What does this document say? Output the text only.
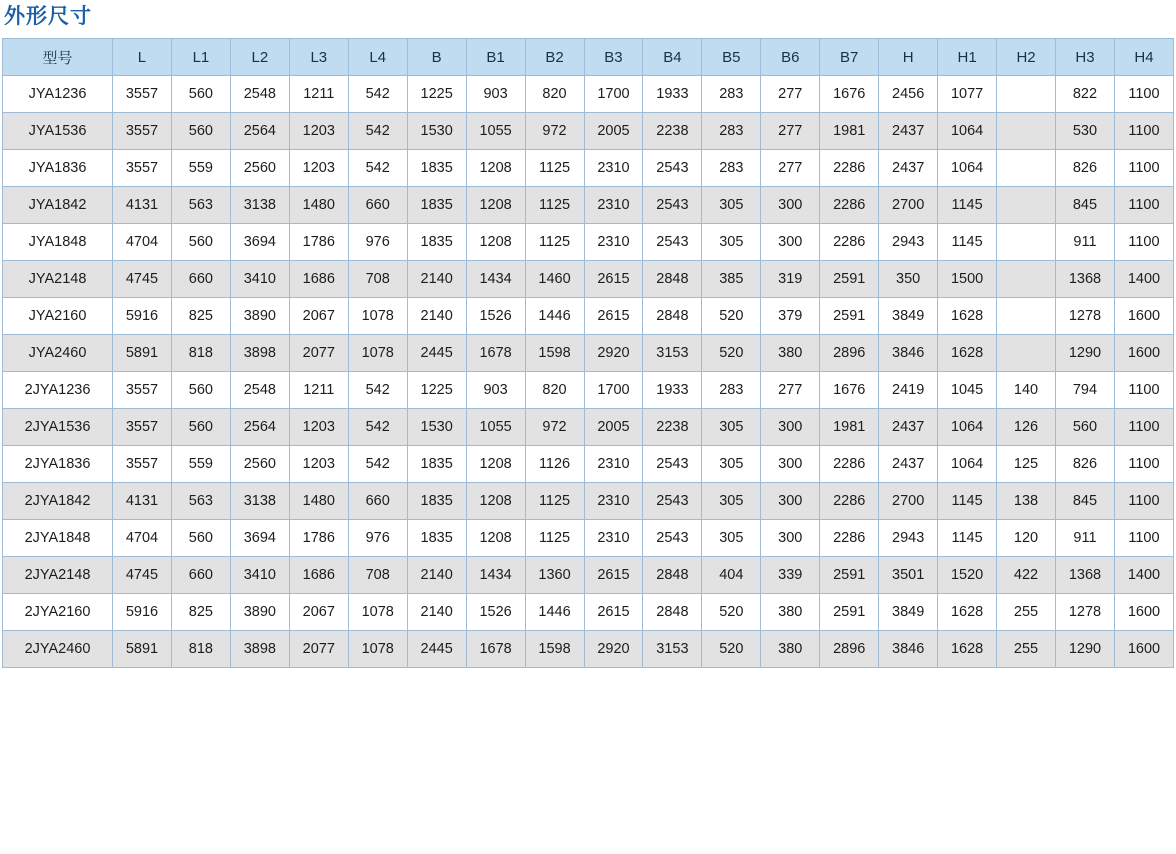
外形尺寸
型号	L	L1	L2	L3	L4	B	B1	B2	B3	B4	B5	B6	B7	H	H1	H2	H3	H4
JYA1236	3557	560	2548	1211	542	1225	903	820	1700	1933	283	277	1676	2456	1077		822	1100
JYA1536	3557	560	2564	1203	542	1530	1055	972	2005	2238	283	277	1981	2437	1064		530	1100
JYA1836	3557	559	2560	1203	542	1835	1208	1125	2310	2543	283	277	2286	2437	1064		826	1100
JYA1842	4131	563	3138	1480	660	1835	1208	1125	2310	2543	305	300	2286	2700	1145		845	1100
JYA1848	4704	560	3694	1786	976	1835	1208	1125	2310	2543	305	300	2286	2943	1145		911	1100
JYA2148	4745	660	3410	1686	708	2140	1434	1460	2615	2848	385	319	2591	350	1500		1368	1400
JYA2160	5916	825	3890	2067	1078	2140	1526	1446	2615	2848	520	379	2591	3849	1628		1278	1600
JYA2460	5891	818	3898	2077	1078	2445	1678	1598	2920	3153	520	380	2896	3846	1628		1290	1600
2JYA1236	3557	560	2548	1211	542	1225	903	820	1700	1933	283	277	1676	2419	1045	140	794	1100
2JYA1536	3557	560	2564	1203	542	1530	1055	972	2005	2238	305	300	1981	2437	1064	126	560	1100
2JYA1836	3557	559	2560	1203	542	1835	1208	1126	2310	2543	305	300	2286	2437	1064	125	826	1100
2JYA1842	4131	563	3138	1480	660	1835	1208	1125	2310	2543	305	300	2286	2700	1145	138	845	1100
2JYA1848	4704	560	3694	1786	976	1835	1208	1125	2310	2543	305	300	2286	2943	1145	120	911	1100
2JYA2148	4745	660	3410	1686	708	2140	1434	1360	2615	2848	404	339	2591	3501	1520	422	1368	1400
2JYA2160	5916	825	3890	2067	1078	2140	1526	1446	2615	2848	520	380	2591	3849	1628	255	1278	1600
2JYA2460	5891	818	3898	2077	1078	2445	1678	1598	2920	3153	520	380	2896	3846	1628	255	1290	1600
